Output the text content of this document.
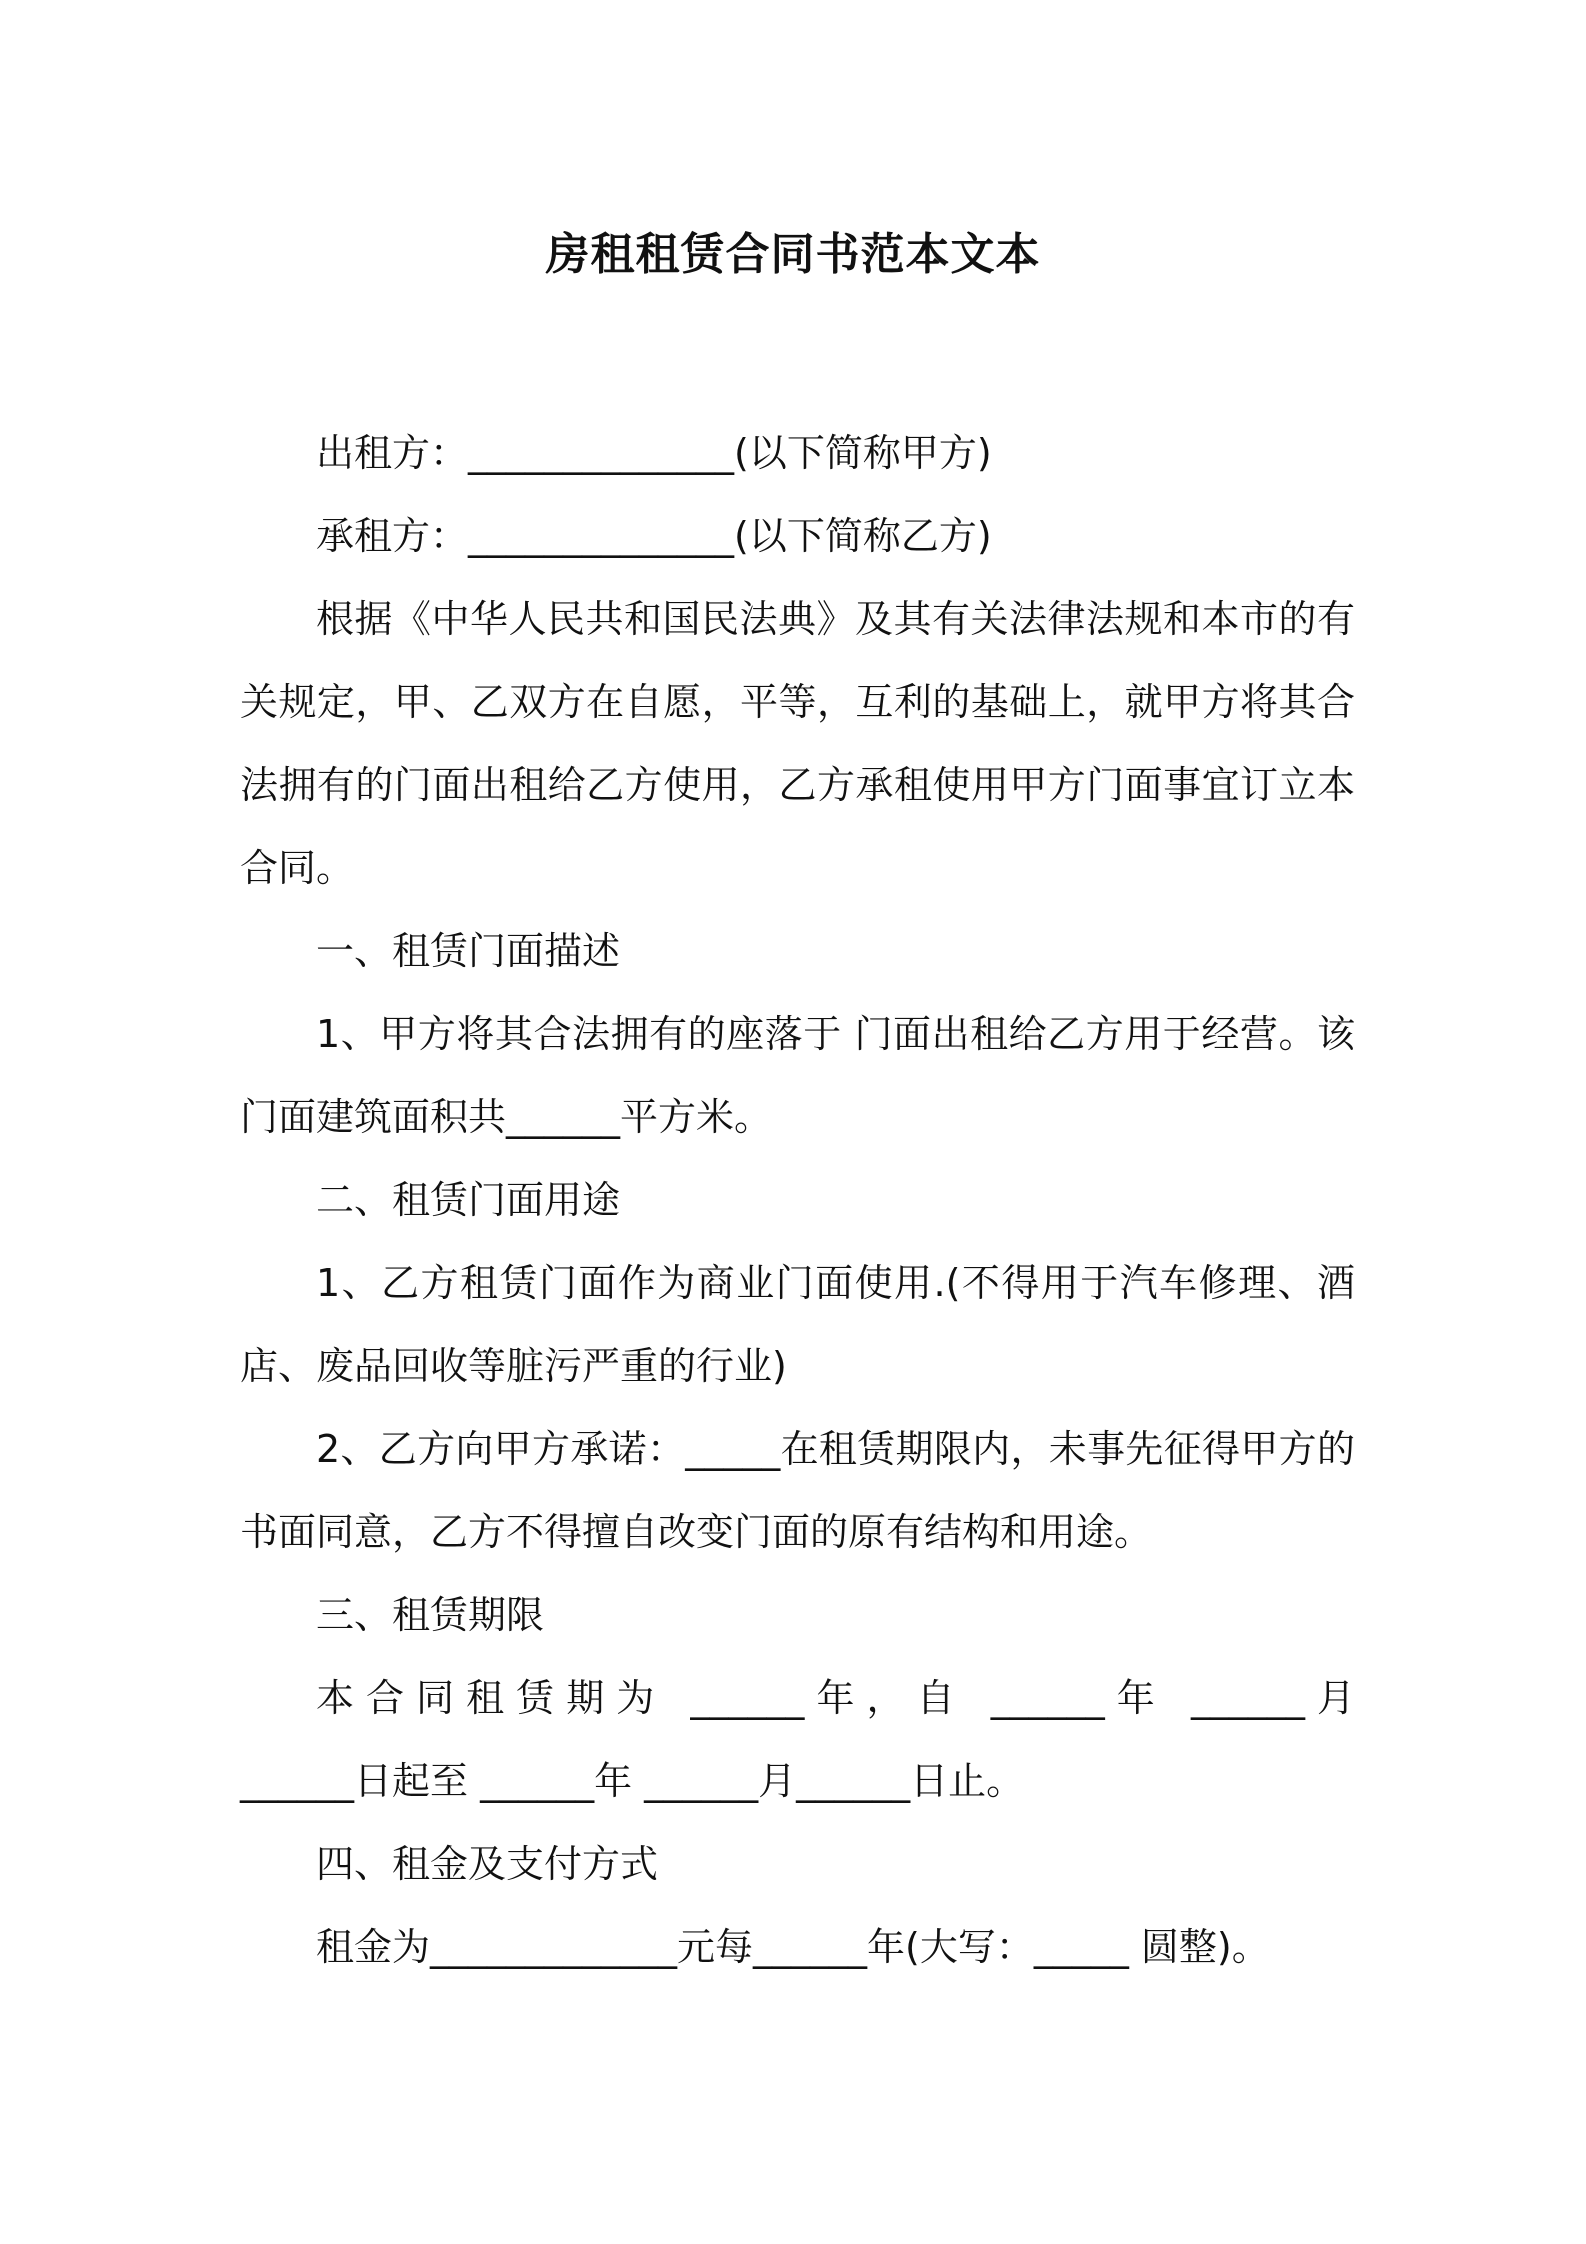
房租租赁合同书范本文本

出租方：______________(以下简称甲方)

承租方：______________(以下简称乙方)

根据《中华人民共和国民法典》及其有关法律法规和本市的有关规定，甲、乙双方在自愿，平等，互利的基础上，就甲方将其合法拥有的门面出租给乙方使用，乙方承租使用甲方门面事宜订立本合同。

一、租赁门面描述

1、甲方将其合法拥有的座落于 门面出租给乙方用于经营。该门面建筑面积共______平方米。

二、租赁门面用途

1、乙方租赁门面作为商业门面使用.(不得用于汽车修理、酒店、废品回收等脏污严重的行业)

2、乙方向甲方承诺：_____在租赁期限内，未事先征得甲方的书面同意，乙方不得擅自改变门面的原有结构和用途。

三、租赁期限

本合同租赁期为 ______年，自 ______年 ______月

______日起至 ______年 ______月______日止。

四、租金及支付方式

租金为_____________元每______年(大写：_____ 圆整)。
